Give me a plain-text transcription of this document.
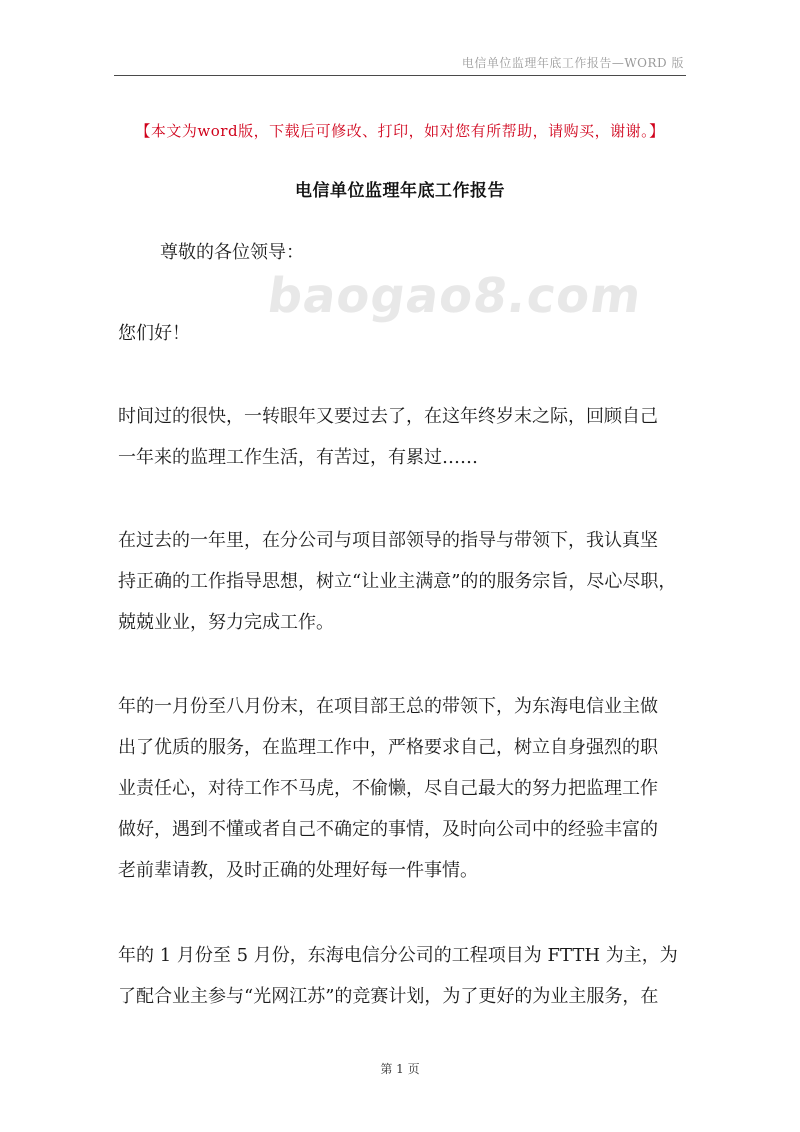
电信单位监理年底工作报告—WORD 版
baogao8.com
【本文为word版，下载后可修改、打印，如对您有所帮助，请购买，谢谢。】
电信单位监理年底工作报告
尊敬的各位领导：
您们好！
时间过的很快，一转眼年又要过去了，在这年终岁末之际，回顾自己
一年来的监理工作生活，有苦过，有累过……
在过去的一年里，在分公司与项目部领导的指导与带领下，我认真坚
持正确的工作指导思想，树立“让业主满意”的的服务宗旨，尽心尽职，
兢兢业业，努力完成工作。
年的一月份至八月份末，在项目部王总的带领下，为东海电信业主做
出了优质的服务，在监理工作中，严格要求自己，树立自身强烈的职
业责任心，对待工作不马虎，不偷懒，尽自己最大的努力把监理工作
做好，遇到不懂或者自己不确定的事情，及时向公司中的经验丰富的
老前辈请教，及时正确的处理好每一件事情。
年的 1 月份至 5 月份，东海电信分公司的工程项目为 FTTH 为主，为
了配合业主参与“光网江苏”的竞赛计划，为了更好的为业主服务，在
第 1 页
